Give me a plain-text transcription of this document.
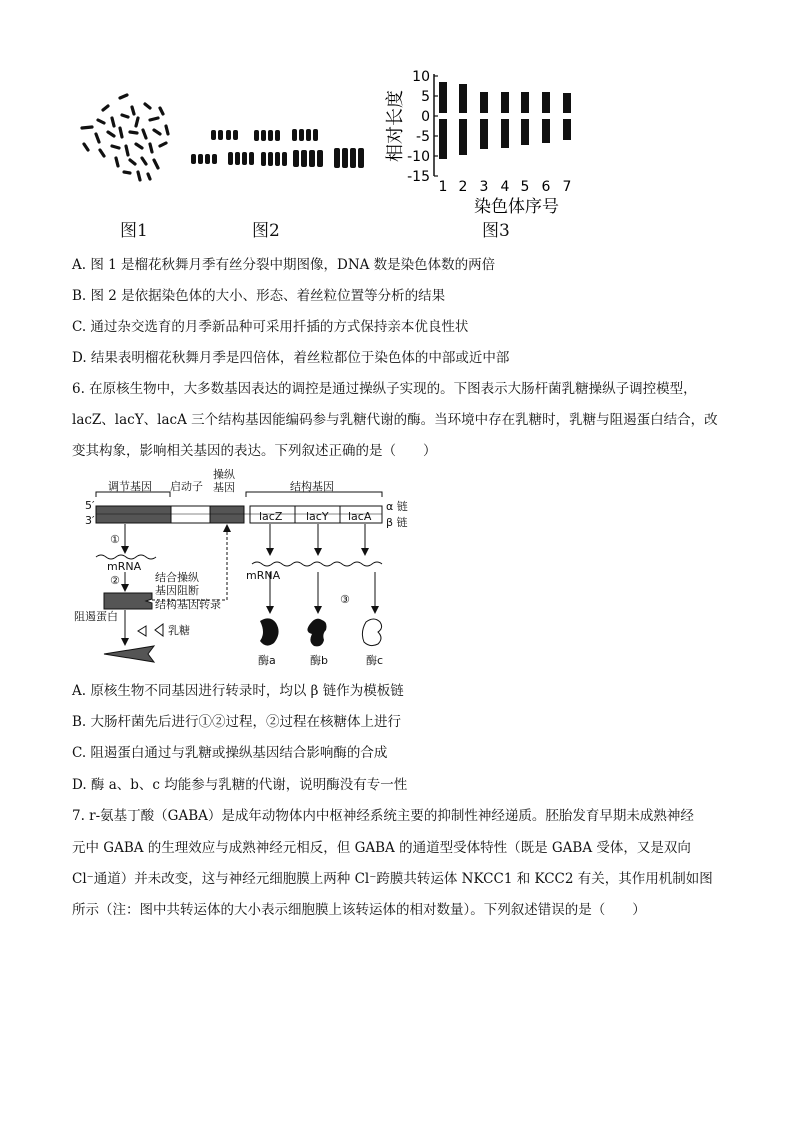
10
5
0
-5
-10
-15
相对长度
1 2 3 4 5 6 7
染色体序号
图1	图2	图3
A. 图 1 是榴花秋舞月季有丝分裂中期图像，DNA 数是染色体数的两倍
B. 图 2 是依据染色体的大小、形态、着丝粒位置等分析的结果
C. 通过杂交选育的月季新品种可采用扦插的方式保持亲本优良性状
D. 结果表明榴花秋舞月季是四倍体，着丝粒都位于染色体的中部或近中部
6. 在原核生物中，大多数基因表达的调控是通过操纵子实现的。下图表示大肠杆菌乳糖操纵子调控模型，
lacZ、lacY、lacA 三个结构基因能编码参与乳糖代谢的酶。当环境中存在乳糖时，乳糖与阻遏蛋白结合，改
变其构象，影响相关基因的表达。下列叙述正确的是（　　）
调节基因 启动子
操纵
基因	结构基因
5′
3′
α 链
β 链
lacZ lacY lacA
①
mRNA
②	结合操纵
基因阻断
结构基因转录
阻遏蛋白
乳糖
mRNA
③
酶a	酶b	酶c
A. 原核生物不同基因进行转录时，均以 β 链作为模板链
B. 大肠杆菌先后进行①②过程，②过程在核糖体上进行
C. 阻遏蛋白通过与乳糖或操纵基因结合影响酶的合成
D. 酶 a、b、c 均能参与乳糖的代谢，说明酶没有专一性
7. r-氨基丁酸（GABA）是成年动物体内中枢神经系统主要的抑制性神经递质。胚胎发育早期未成熟神经
元中 GABA 的生理效应与成熟神经元相反，但 GABA 的通道型受体特性（既是 GABA 受体，又是双向
Cl⁻通道）并未改变，这与神经元细胞膜上两种 Cl⁻跨膜共转运体 NKCC1 和 KCC2 有关，其作用机制如图
所示（注：图中共转运体的大小表示细胞膜上该转运体的相对数量）。下列叙述错误的是（　　）
